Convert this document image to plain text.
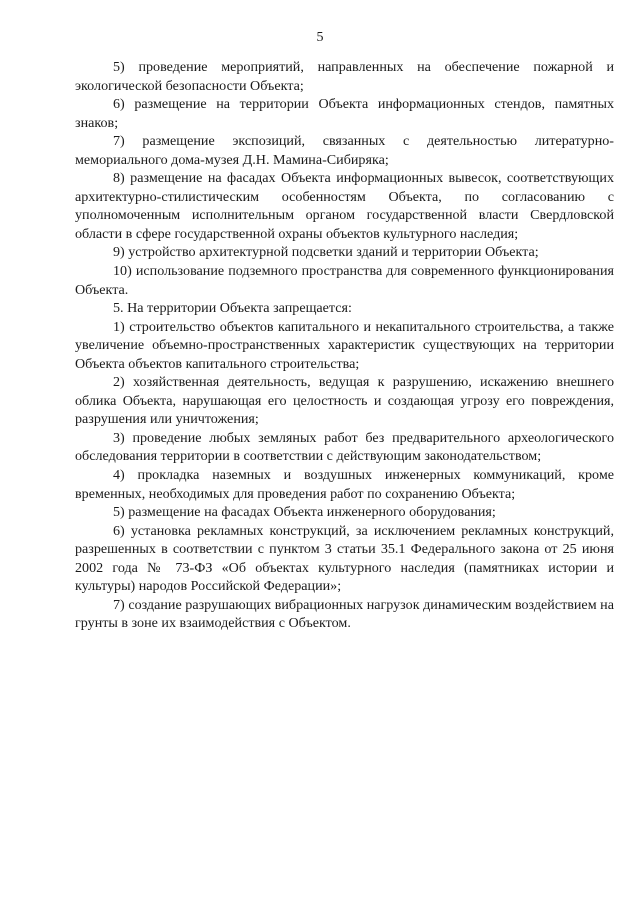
5

5) проведение мероприятий, направленных на обеспечение пожарной и экологической безопасности Объекта;

6) размещение на территории Объекта информационных стендов, памятных знаков;

7) размещение экспозиций, связанных с деятельностью литературно-мемориального дома-музея Д.Н. Мамина-Сибиряка;

8) размещение на фасадах Объекта информационных вывесок, соответствующих архитектурно-стилистическим особенностям Объекта, по согласованию с уполномоченным исполнительным органом государственной власти Свердловской области в сфере государственной охраны объектов культурного наследия;

9) устройство архитектурной подсветки зданий и территории Объекта;

10) использование подземного пространства для современного функционирования Объекта.

5. На территории Объекта запрещается:

1) строительство объектов капитального и некапитального строительства, а также увеличение объемно-пространственных характеристик существующих на территории Объекта объектов капитального строительства;

2) хозяйственная деятельность, ведущая к разрушению, искажению внешнего облика Объекта, нарушающая его целостность и создающая угрозу его повреждения, разрушения или уничтожения;

3) проведение любых земляных работ без предварительного археологического обследования территории в соответствии с действующим законодательством;

4) прокладка наземных и воздушных инженерных коммуникаций, кроме временных, необходимых для проведения работ по сохранению Объекта;

5) размещение на фасадах Объекта инженерного оборудования;

6) установка рекламных конструкций, за исключением рекламных конструкций, разрешенных в соответствии с пунктом 3 статьи 35.1 Федерального закона от 25 июня 2002 года № 73-ФЗ «Об объектах культурного наследия (памятниках истории и культуры) народов Российской Федерации»;

7) создание разрушающих вибрационных нагрузок динамическим воздействием на грунты в зоне их взаимодействия с Объектом.
